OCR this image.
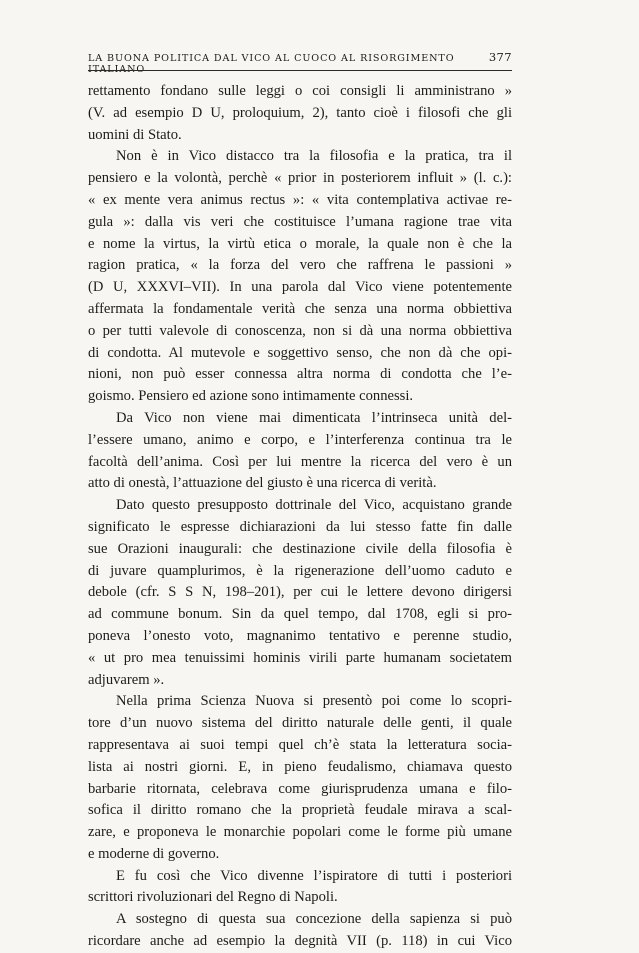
LA BUONA POLITICA DAL VICO AL CUOCO AL RISORGIMENTO ITALIANO
377
rettamento fondano sulle leggi o coi consigli li amministrano »
(V. ad esempio D U, proloquium, 2), tanto cioè i filosofi che gli
uomini di Stato.
Non è in Vico distacco tra la filosofia e la pratica, tra il
pensiero e la volontà, perchè « prior in posteriorem influit » (l. c.):
« ex mente vera animus rectus »: « vita contemplativa activae re-
gula »: dalla vis veri che costituisce l’umana ragione trae vita
e nome la virtus, la virtù etica o morale, la quale non è che la
ragion pratica, « la forza del vero che raffrena le passioni »
(D U, XXXVI–VII). In una parola dal Vico viene potentemente
affermata la fondamentale verità che senza una norma obbiettiva
o per tutti valevole di conoscenza, non si dà una norma obbiettiva
di condotta. Al mutevole e soggettivo senso, che non dà che opi-
nioni, non può esser connessa altra norma di condotta che l’e-
goismo. Pensiero ed azione sono intimamente connessi.
Da Vico non viene mai dimenticata l’intrinseca unità del-
l’essere umano, animo e corpo, e l’interferenza continua tra le
facoltà dell’anima. Così per lui mentre la ricerca del vero è un
atto di onestà, l’attuazione del giusto è una ricerca di verità.
Dato questo presupposto dottrinale del Vico, acquistano grande
significato le espresse dichiarazioni da lui stesso fatte fin dalle
sue Orazioni inaugurali: che destinazione civile della filosofia è
di juvare quamplurimos, è la rigenerazione dell’uomo caduto e
debole (cfr. S S N, 198–201), per cui le lettere devono dirigersi
ad commune bonum. Sin da quel tempo, dal 1708, egli si pro-
poneva l’onesto voto, magnanimo tentativo e perenne studio,
« ut pro mea tenuissimi hominis virili parte humanam societatem
adjuvarem ».
Nella prima Scienza Nuova si presentò poi come lo scopri-
tore d’un nuovo sistema del diritto naturale delle genti, il quale
rappresentava ai suoi tempi quel ch’è stata la letteratura socia-
lista ai nostri giorni. E, in pieno feudalismo, chiamava questo
barbarie ritornata, celebrava come giurisprudenza umana e filo-
sofica il diritto romano che la proprietà feudale mirava a scal-
zare, e proponeva le monarchie popolari come le forme più umane
e moderne di governo.
E fu così che Vico divenne l’ispiratore di tutti i posteriori
scrittori rivoluzionari del Regno di Napoli.
A sostegno di questa sua concezione della sapienza si può
ricordare anche ad esempio la degnità VII (p. 118) in cui Vico
